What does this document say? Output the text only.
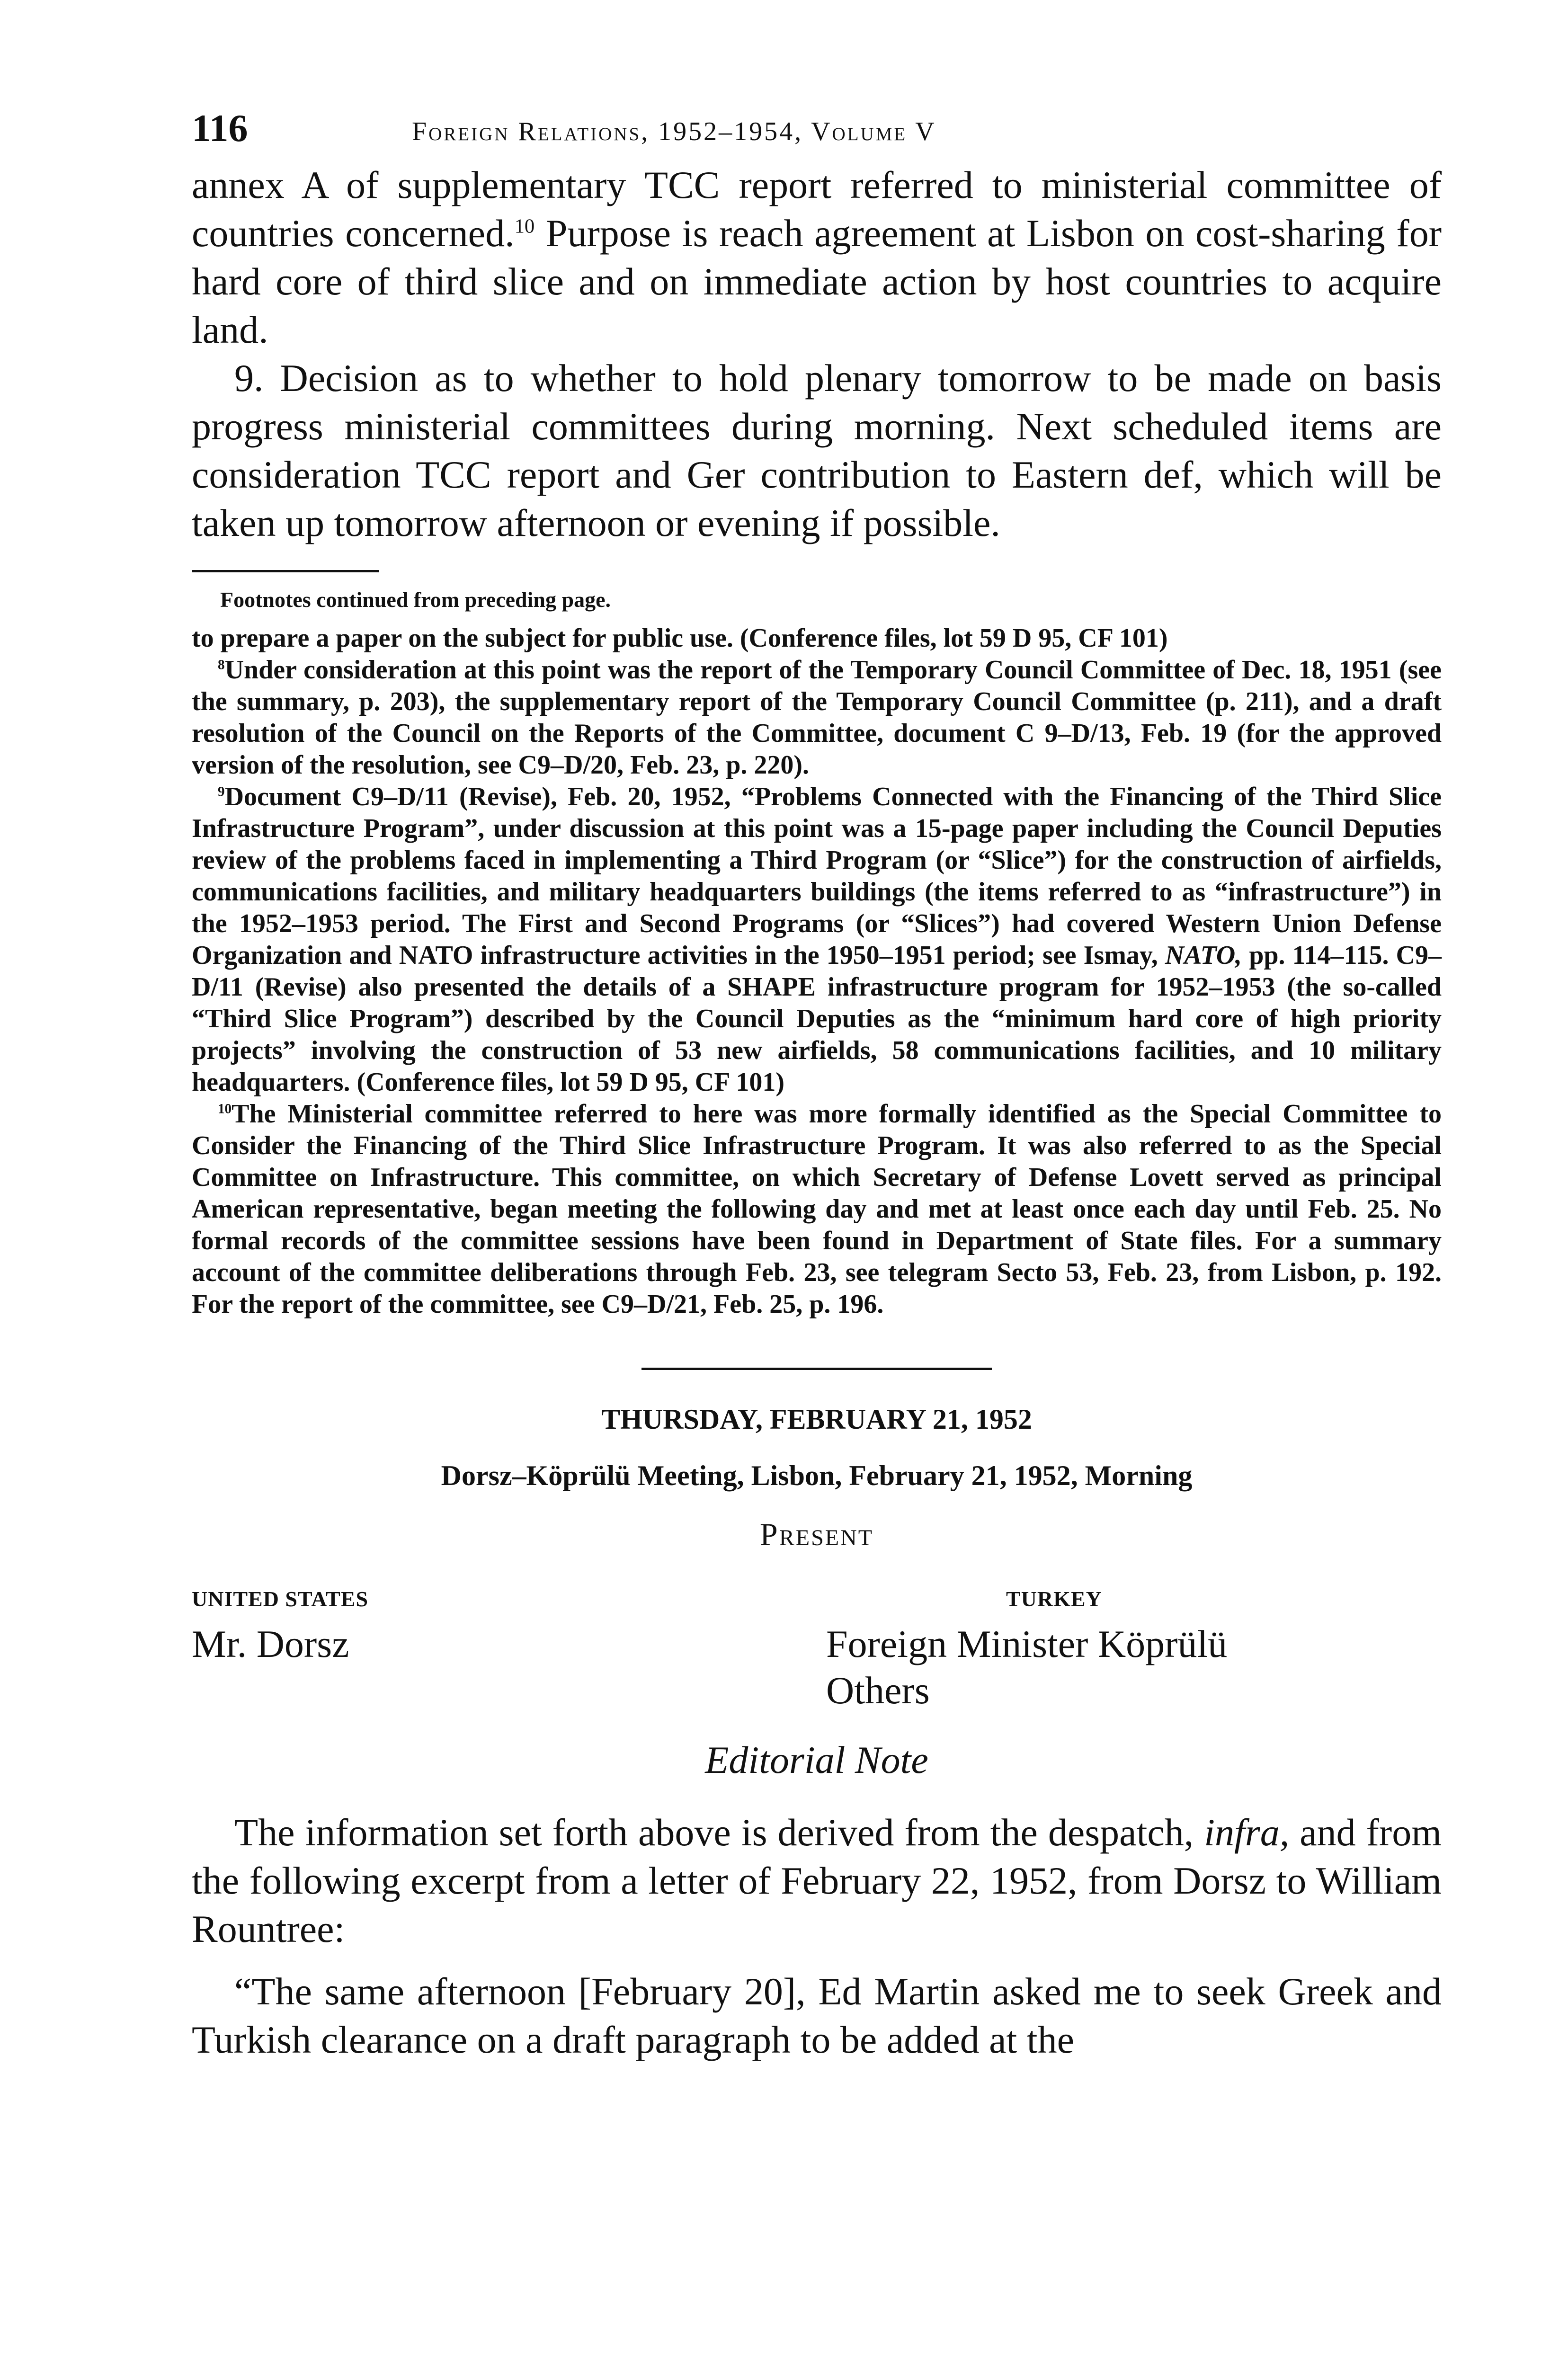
116	Foreign Relations, 1952–1954, Volume V

annex A of supplementary TCC report referred to ministerial committee of countries concerned.$^{10}$ Purpose is reach agreement at Lisbon on cost-sharing for hard core of third slice and on immediate action by host countries to acquire land.

9. Decision as to whether to hold plenary tomorrow to be made on basis progress ministerial committees during morning. Next scheduled items are consideration TCC report and Ger contribution to Eastern def, which will be taken up tomorrow afternoon or evening if possible.

Footnotes continued from preceding page.

to prepare a paper on the subject for public use. (Conference files, lot 59 D 95, CF 101)

$^8$Under consideration at this point was the report of the Temporary Council Committee of Dec. 18, 1951 (see the summary, p. 203), the supplementary report of the Temporary Council Committee (p. 211), and a draft resolution of the Council on the Reports of the Committee, document C 9–D/13, Feb. 19 (for the approved version of the resolution, see C9–D/20, Feb. 23, p. 220).

$^9$Document C9–D/11 (Revise), Feb. 20, 1952, “Problems Connected with the Financing of the Third Slice Infrastructure Program”, under discussion at this point was a 15-page paper including the Council Deputies review of the problems faced in implementing a Third Program (or “Slice”) for the construction of airfields, communications facilities, and military headquarters buildings (the items referred to as “infrastructure”) in the 1952–1953 period. The First and Second Programs (or “Slices”) had covered Western Union Defense Organization and NATO infrastructure activities in the 1950–1951 period; see Ismay, NATO, pp. 114–115. C9–D/11 (Revise) also presented the details of a SHAPE infrastructure program for 1952–1953 (the so-called “Third Slice Program”) described by the Council Deputies as the “minimum hard core of high priority projects” involving the construction of 53 new airfields, 58 communications facilities, and 10 military headquarters. (Conference files, lot 59 D 95, CF 101)

$^{10}$The Ministerial committee referred to here was more formally identified as the Special Committee to Consider the Financing of the Third Slice Infrastructure Program. It was also referred to as the Special Committee on Infrastructure. This committee, on which Secretary of Defense Lovett served as principal American representative, began meeting the following day and met at least once each day until Feb. 25. No formal records of the committee sessions have been found in Department of State files. For a summary account of the committee deliberations through Feb. 23, see telegram Secto 53, Feb. 23, from Lisbon, p. 192. For the report of the committee, see C9–D/21, Feb. 25, p. 196.

THURSDAY, FEBRUARY 21, 1952

Dorsz–Köprülü Meeting, Lisbon, February 21, 1952, Morning

Present

UNITED STATES
Mr. Dorsz
TURKEY
Foreign Minister Köprülü
Others

Editorial Note

The information set forth above is derived from the despatch, infra, and from the following excerpt from a letter of February 22, 1952, from Dorsz to William Rountree:

“The same afternoon [February 20], Ed Martin asked me to seek Greek and Turkish clearance on a draft paragraph to be added at the
